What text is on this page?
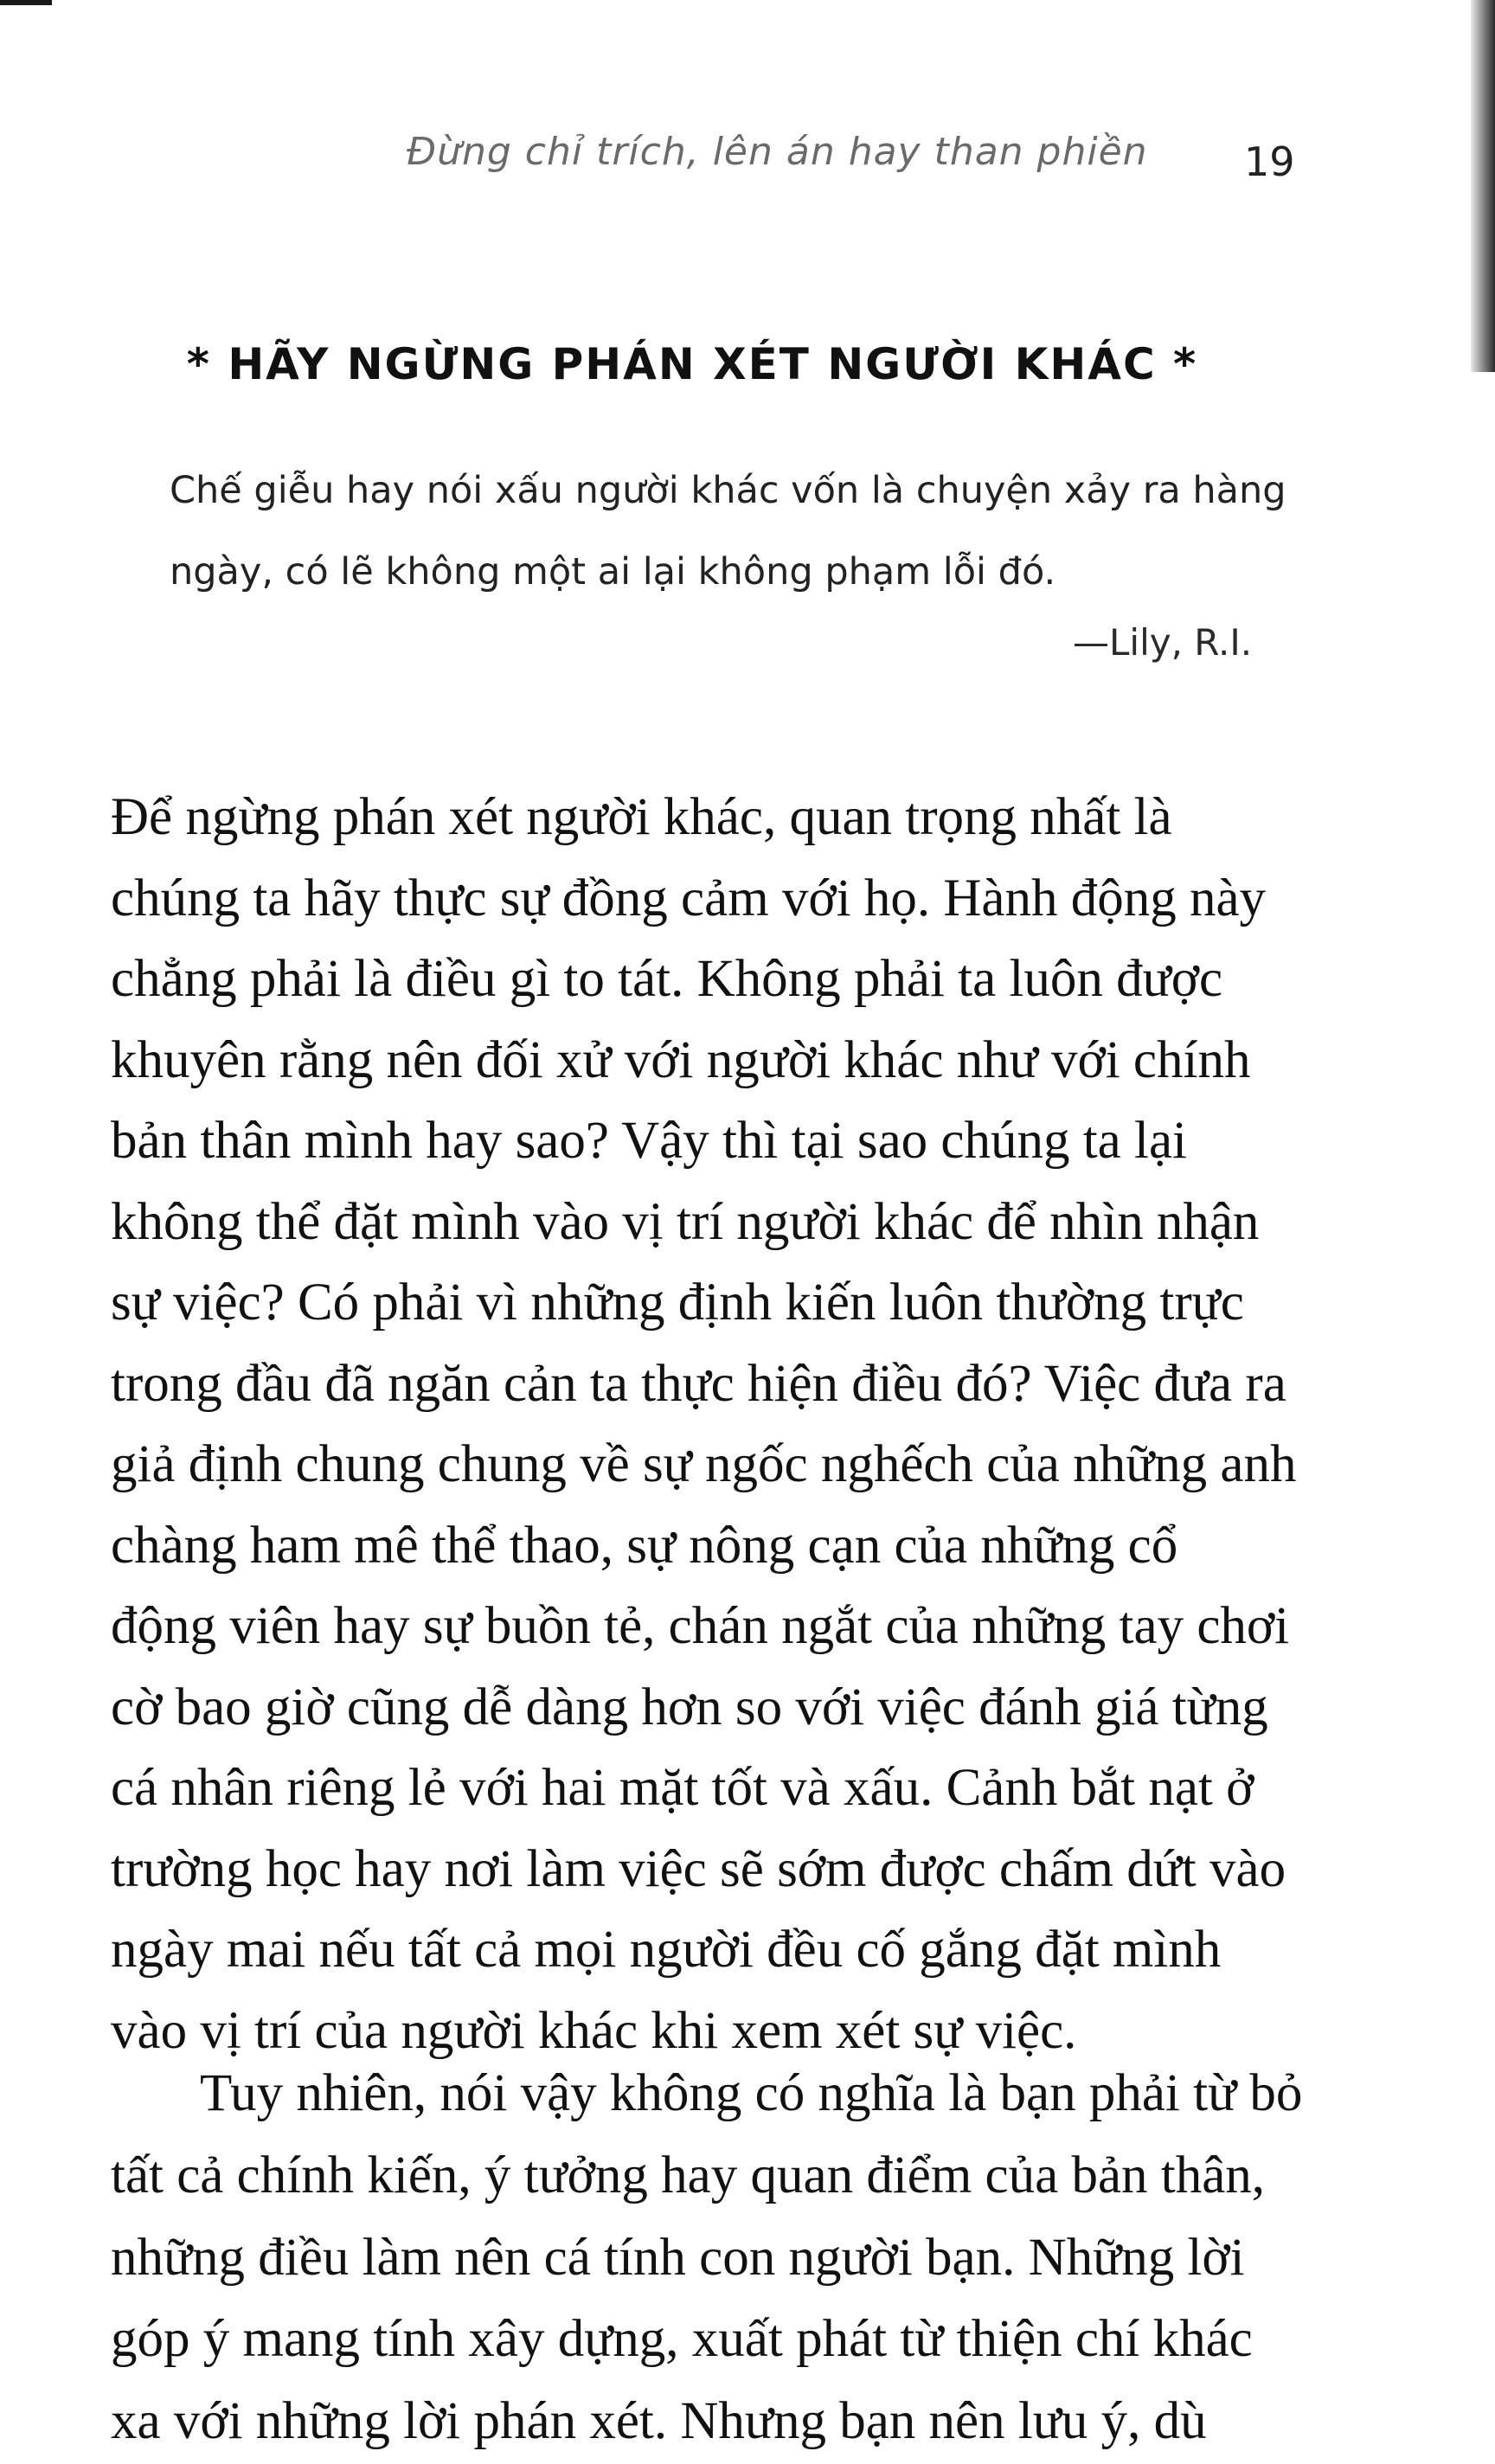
Đừng chỉ trích, lên án hay than phiền 19
* HÃY NGỪNG PHÁN XÉT NGƯỜI KHÁC *
Chế giễu hay nói xấu người khác vốn là chuyện xảy ra hàng
ngày, có lẽ không một ai lại không phạm lỗi đó.
—Lily, R.I.
Để ngừng phán xét người khác, quan trọng nhất là
chúng ta hãy thực sự đồng cảm với họ. Hành động này
chẳng phải là điều gì to tát. Không phải ta luôn được
khuyên rằng nên đối xử với người khác như với chính
bản thân mình hay sao? Vậy thì tại sao chúng ta lại
không thể đặt mình vào vị trí người khác để nhìn nhận
sự việc? Có phải vì những định kiến luôn thường trực
trong đầu đã ngăn cản ta thực hiện điều đó? Việc đưa ra
giả định chung chung về sự ngốc nghếch của những anh
chàng ham mê thể thao, sự nông cạn của những cổ
động viên hay sự buồn tẻ, chán ngắt của những tay chơi
cờ bao giờ cũng dễ dàng hơn so với việc đánh giá từng
cá nhân riêng lẻ với hai mặt tốt và xấu. Cảnh bắt nạt ở
trường học hay nơi làm việc sẽ sớm được chấm dứt vào
ngày mai nếu tất cả mọi người đều cố gắng đặt mình
vào vị trí của người khác khi xem xét sự việc.
Tuy nhiên, nói vậy không có nghĩa là bạn phải từ bỏ
tất cả chính kiến, ý tưởng hay quan điểm của bản thân,
những điều làm nên cá tính con người bạn. Những lời
góp ý mang tính xây dựng, xuất phát từ thiện chí khác
xa với những lời phán xét. Nhưng bạn nên lưu ý, dù
